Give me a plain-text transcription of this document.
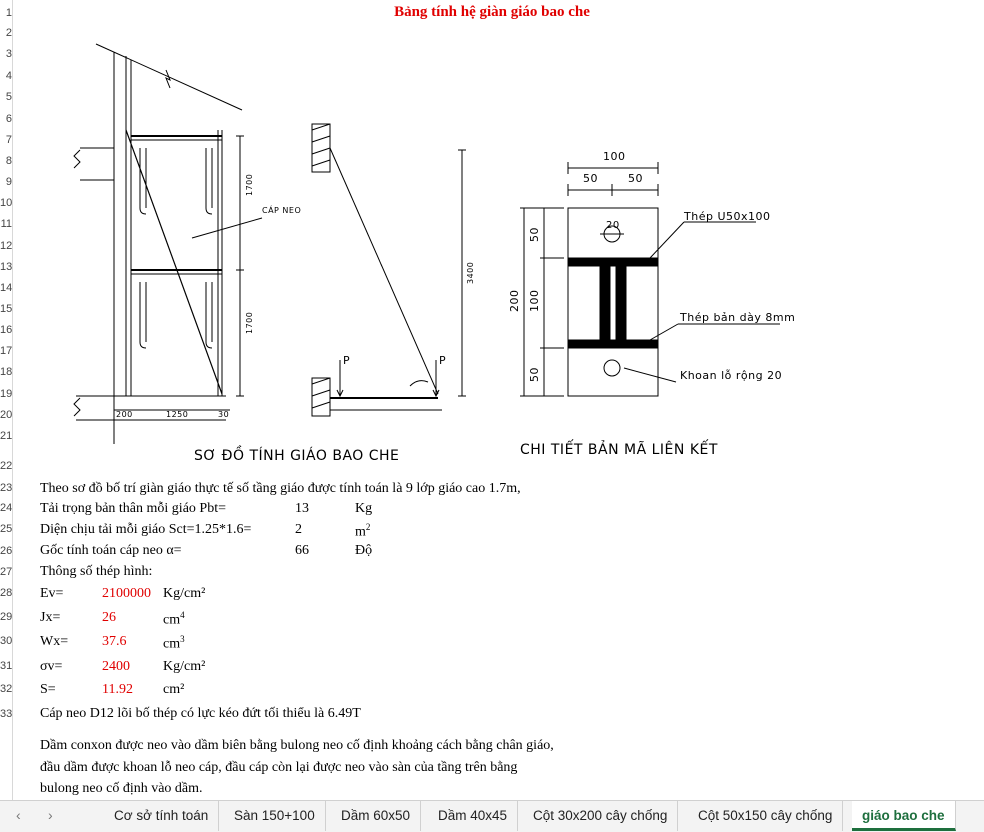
1
2
3
4
5
6
7
8
9
10
11
12
13
14
15
16
17
18
19
20
21
22
23
24
25
26
27
28
29
30
31
32
33
Bảng tính hệ giàn giáo bao che
CÁP NEO
1700
1700
200	1250	30
3400
P	P
SƠ ĐỒ TÍNH GIÁO BAO CHE	CHI TIẾT BẢN MÃ LIÊN KẾT
100
50	50
200
50
100
50
20
Thép U50x100
Thép bản dày 8mm
Khoan lỗ rộng 20
Theo sơ đồ bố trí giàn giáo thực tế số tầng giáo được tính toán là 9 lớp giáo cao 1.7m,
Tải trọng bản thân mỗi giáo Pbt=	13	Kg
Diện chịu tải mỗi giáo Sct=1.25*1.6=	2	$m^2$
Gốc tính toán cáp neo α=	66	Độ
Thông số thép hình:
Ev=	2100000 Kg/cm²
Jx=	26	$cm^4$
Wx= 37.6	$cm^3$
σv=	2400 Kg/cm²
S=	11.92 cm²
Cáp neo D12 lõi bố thép có lực kéo đứt tối thiểu là 6.49T
Dầm conxon được neo vào dầm biên bằng bulong neo cố định khoảng cách bằng chân giáo,
đầu dầm được khoan lỗ neo cáp, đầu cáp còn lại được neo vào sàn của tầng trên bằng
bulong neo cố định vào dầm.
‹ ›	Cơ sở tính toán	Sàn 150+100	Dầm 60x50	Dầm 40x45	Cột 30x200 cây chống	Cột 50x150 cây chống	giáo bao che
